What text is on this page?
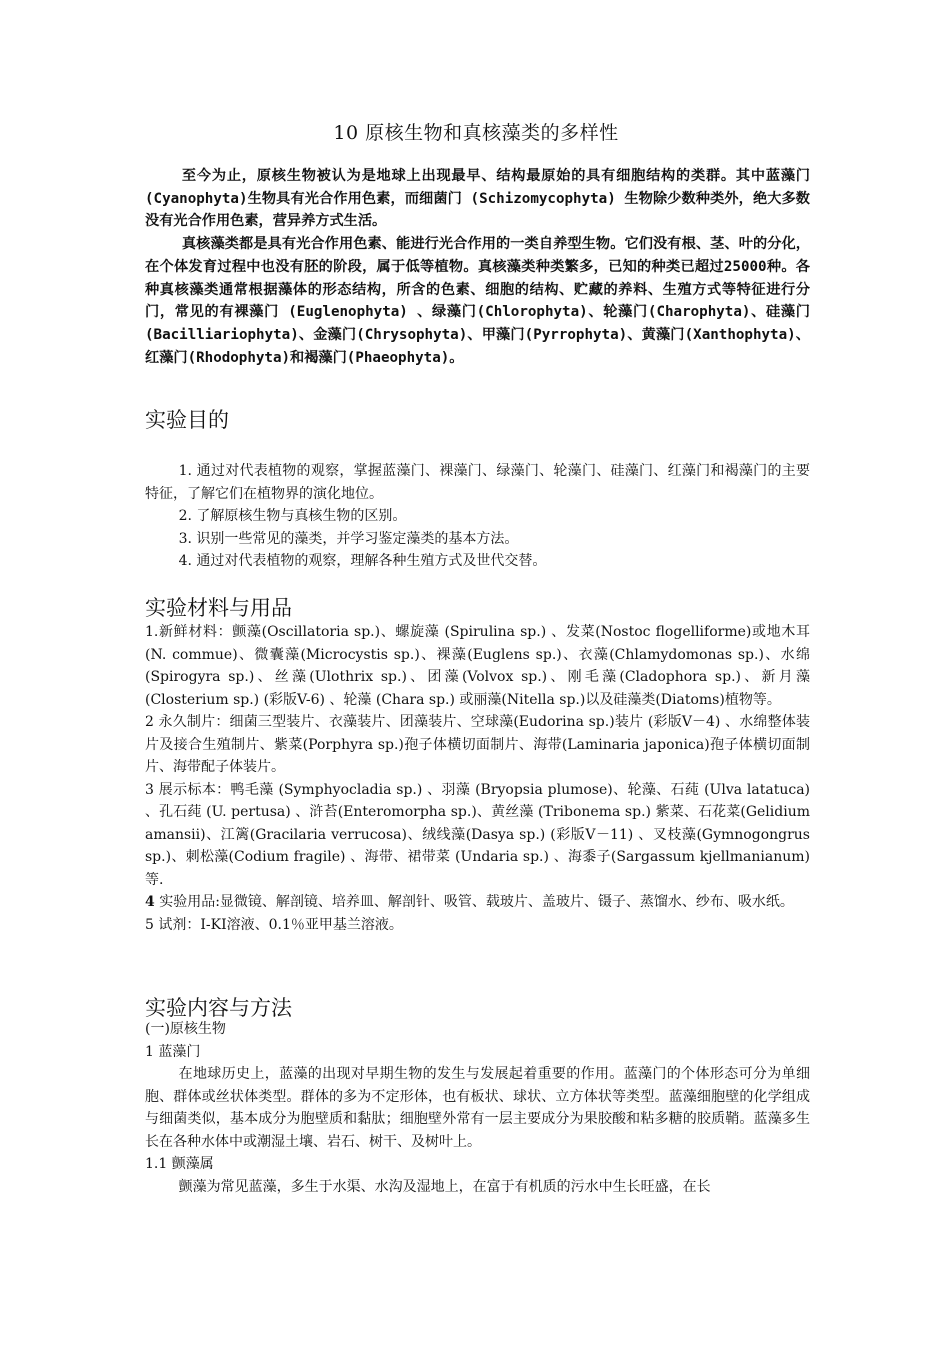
10 原核生物和真核藻类的多样性

至今为止，原核生物被认为是地球上出现最早、结构最原始的具有细胞结构的类群。其中蓝藻门(Cyanophyta)生物具有光合作用色素，而细菌门 (Schizomycophyta) 生物除少数种类外，绝大多数没有光合作用色素，营异养方式生活。

真核藻类都是具有光合作用色素、能进行光合作用的一类自养型生物。它们没有根、茎、叶的分化，在个体发育过程中也没有胚的阶段，属于低等植物。真核藻类种类繁多，已知的种类已超过25000种。各种真核藻类通常根据藻体的形态结构，所含的色素、细胞的结构、贮藏的养料、生殖方式等特征进行分门，常见的有裸藻门 (Euglenophyta) 、绿藻门(Chlorophyta)、轮藻门(Charophyta)、硅藻门(Bacilliariophyta)、金藻门(Chrysophyta)、甲藻门(Pyrrophyta)、黄藻门(Xanthophyta)、红藻门(Rhodophyta)和褐藻门(Phaeophyta)。

实验目的

1. 通过对代表植物的观察，掌握蓝藻门、裸藻门、绿藻门、轮藻门、硅藻门、红藻门和褐藻门的主要特征，了解它们在植物界的演化地位。

2. 了解原核生物与真核生物的区别。

3. 识别一些常见的藻类，并学习鉴定藻类的基本方法。

4. 通过对代表植物的观察，理解各种生殖方式及世代交替。

实验材料与用品

1.新鲜材料：颤藻(Oscillatoria sp.)、螺旋藻 (Spirulina sp.) 、发菜(Nostoc flogelliforme)或地木耳(N. commue)、微囊藻(Microcystis sp.)、裸藻(Euglens sp.)、衣藻(Chlamydomonas sp.)、水绵(Spirogyra sp.)、丝藻(Ulothrix sp.)、团藻(Volvox sp.)、刚毛藻(Cladophora sp.)、新月藻 (Closterium sp.) (彩版V-6) 、轮藻 (Chara sp.) 或丽藻(Nitella sp.)以及硅藻类(Diatoms)植物等。

2 永久制片：细菌三型装片、衣藻装片、团藻装片、空球藻(Eudorina sp.)装片 (彩版V－4) 、水绵整体装片及接合生殖制片、紫菜(Porphyra sp.)孢子体横切面制片、海带(Laminaria japonica)孢子体横切面制片、海带配子体装片。

3 展示标本：鸭毛藻 (Symphyocladia sp.) 、羽藻 (Bryopsia plumose)、轮藻、石莼 (Ulva latatuca) 、孔石莼 (U. pertusa) 、浒苔(Enteromorpha sp.)、黄丝藻 (Tribonema sp.) 紫菜、石花菜(Gelidium amansii)、江篱(Gracilaria verrucosa)、绒线藻(Dasya sp.) (彩版Ⅴ－11) 、叉枝藻(Gymnogongrus sp.)、刺松藻(Codium fragile) 、海带、裙带菜 (Undaria sp.) 、海黍子(Sargassum kjellmanianum) 等.

4 实验用品:显微镜、解剖镜、培养皿、解剖针、吸管、载玻片、盖玻片、镊子、蒸馏水、纱布、吸水纸。

5 试剂：I-KI溶液、0.1％亚甲基兰溶液。

实验内容与方法

(一)原核生物

1 蓝藻门

在地球历史上，蓝藻的出现对早期生物的发生与发展起着重要的作用。蓝藻门的个体形态可分为单细胞、群体或丝状体类型。群体的多为不定形体，也有板状、球状、立方体状等类型。蓝藻细胞壁的化学组成与细菌类似，基本成分为胞壁质和黏肽；细胞壁外常有一层主要成分为果胶酸和粘多糖的胶质鞘。蓝藻多生长在各种水体中或潮湿土壤、岩石、树干、及树叶上。

1.1 颤藻属

颤藻为常见蓝藻，多生于水渠、水沟及湿地上，在富于有机质的污水中生长旺盛，在长
